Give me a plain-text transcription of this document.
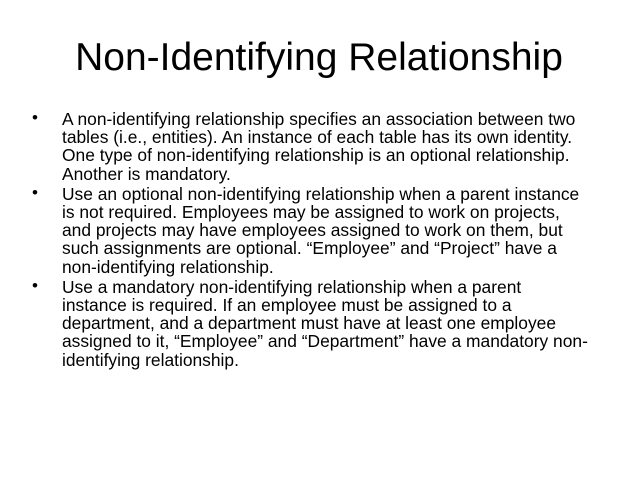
Non-Identifying Relationship
• A non-identifying relationship specifies an association between two
tables (i.e., entities). An instance of each table has its own identity.
One type of non-identifying relationship is an optional relationship.
Another is mandatory.
• Use an optional non-identifying relationship when a parent instance
is not required. Employees may be assigned to work on projects,
and projects may have employees assigned to work on them, but
such assignments are optional. “Employee” and “Project” have a
non-identifying relationship.
• Use a mandatory non-identifying relationship when a parent
instance is required. If an employee must be assigned to a
department, and a department must have at least one employee
assigned to it, “Employee” and “Department” have a mandatory non-
identifying relationship.
